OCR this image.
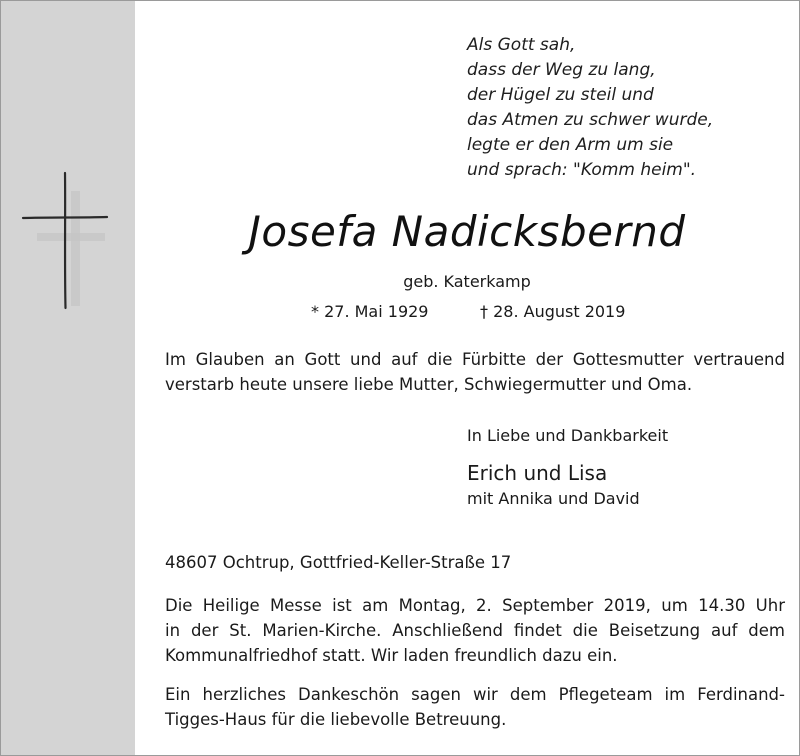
Als Gott sah,
dass der Weg zu lang,
der Hügel zu steil und
das Atmen zu schwer wurde,
legte er den Arm um sie
und sprach: "Komm heim".
Josefa Nadicksbernd
geb. Katerkamp
* 27. Mai 1929	† 28. August 2019
Im Glauben an Gott und auf die Fürbitte der Gottesmutter vertrauend
verstarb heute unsere liebe Mutter, Schwiegermutter und Oma.
In Liebe und Dankbarkeit
Erich und Lisa
mit Annika und David
48607 Ochtrup, Gottfried-Keller-Straße 17
Die Heilige Messe ist am Montag, 2. September 2019, um 14.30 Uhr
in der St. Marien-Kirche. Anschließend findet die Beisetzung auf dem
Kommunalfriedhof statt. Wir laden freundlich dazu ein.
Ein herzliches Dankeschön sagen wir dem Pflegeteam im Ferdinand-
Tigges-Haus für die liebevolle Betreuung.
